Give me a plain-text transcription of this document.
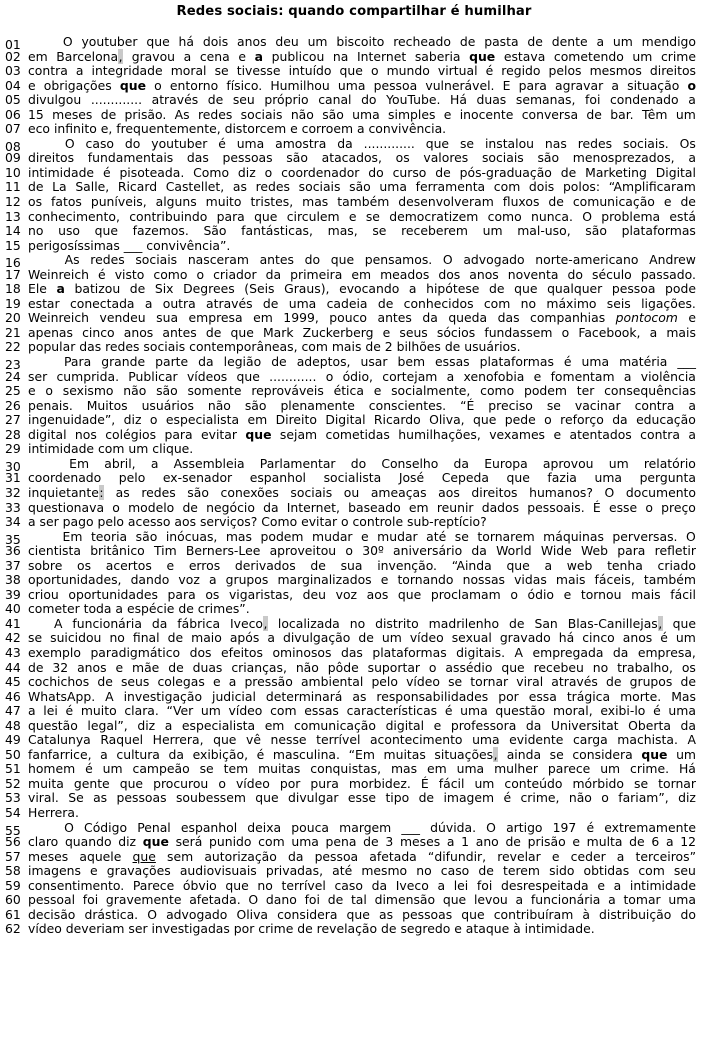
Redes sociais: quando compartilhar é humilhar
01	O youtuber que há dois anos deu um biscoito recheado de pasta de dente a um mendigo
02 em Barcelona, gravou a cena e a publicou na Internet saberia que estava cometendo um crime
03 contra a integridade moral se tivesse intuído que o mundo virtual é regido pelos mesmos direitos
04 e obrigações que o entorno físico. Humilhou uma pessoa vulnerável. E para agravar a situação o
05 divulgou ............. através de seu próprio canal do YouTube. Há duas semanas, foi condenado a
06 15 meses de prisão. As redes sociais não são uma simples e inocente conversa de bar. Têm um
07 eco infinito e, frequentemente, distorcem e corroem a convivência.
08	O caso do youtuber é uma amostra da ............. que se instalou nas redes sociais. Os
09 direitos fundamentais das pessoas são atacados, os valores sociais são menosprezados, a
10 intimidade é pisoteada. Como diz o coordenador do curso de pós-graduação de Marketing Digital
11 de La Salle, Ricard Castellet, as redes sociais são uma ferramenta com dois polos: “Amplificaram
12 os fatos puníveis, alguns muito tristes, mas também desenvolveram fluxos de comunicação e de
13 conhecimento, contribuindo para que circulem e se democratizem como nunca. O problema está
14 no uso que fazemos. São fantásticas, mas, se receberem um mal-uso, são plataformas
15 perigosíssimas ___ convivência”.
16	As redes sociais nasceram antes do que pensamos. O advogado norte-americano Andrew
17 Weinreich é visto como o criador da primeira em meados dos anos noventa do século passado.
18 Ele a batizou de Six Degrees (Seis Graus), evocando a hipótese de que qualquer pessoa pode
19 estar conectada a outra através de uma cadeia de conhecidos com no máximo seis ligações.
20 Weinreich vendeu sua empresa em 1999, pouco antes da queda das companhias pontocom e
21 apenas cinco anos antes de que Mark Zuckerberg e seus sócios fundassem o Facebook, a mais
22 popular das redes sociais contemporâneas, com mais de 2 bilhões de usuários.
23	Para grande parte da legião de adeptos, usar bem essas plataformas é uma matéria ___
24 ser cumprida. Publicar vídeos que ............ o ódio, cortejam a xenofobia e fomentam a violência
25 e o sexismo não são somente reprováveis ética e socialmente, como podem ter consequências
26 penais. Muitos usuários não são plenamente conscientes. “É preciso se vacinar contra a
27 ingenuidade”, diz o especialista em Direito Digital Ricardo Oliva, que pede o reforço da educação
28 digital nos colégios para evitar que sejam cometidas humilhações, vexames e atentados contra a
29 intimidade com um clique.
30	Em abril, a Assembleia Parlamentar do Conselho da Europa aprovou um relatório
31 coordenado pelo ex-senador espanhol socialista José Cepeda que fazia uma pergunta
32 inquietante: as redes são conexões sociais ou ameaças aos direitos humanos? O documento
33 questionava o modelo de negócio da Internet, baseado em reunir dados pessoais. É esse o preço
34 a ser pago pelo acesso aos serviços? Como evitar o controle sub-reptício?
35	Em teoria são inócuas, mas podem mudar e mudar até se tornarem máquinas perversas. O
36 cientista britânico Tim Berners-Lee aproveitou o 30º aniversário da World Wide Web para refletir
37 sobre os acertos e erros derivados de sua invenção. “Ainda que a web tenha criado
38 oportunidades, dando voz a grupos marginalizados e tornando nossas vidas mais fáceis, também
39 criou oportunidades para os vigaristas, deu voz aos que proclamam o ódio e tornou mais fácil
40 cometer toda a espécie de crimes”.
41	A funcionária da fábrica Iveco, localizada no distrito madrilenho de San Blas-Canillejas, que
42 se suicidou no final de maio após a divulgação de um vídeo sexual gravado há cinco anos é um
43 exemplo paradigmático dos efeitos ominosos das plataformas digitais. A empregada da empresa,
44 de 32 anos e mãe de duas crianças, não pôde suportar o assédio que recebeu no trabalho, os
45 cochichos de seus colegas e a pressão ambiental pelo vídeo se tornar viral através de grupos de
46 WhatsApp. A investigação judicial determinará as responsabilidades por essa trágica morte. Mas
47 a lei é muito clara. “Ver um vídeo com essas características é uma questão moral, exibi-lo é uma
48 questão legal”, diz a especialista em comunicação digital e professora da Universitat Oberta da
49 Catalunya Raquel Herrera, que vê nesse terrível acontecimento uma evidente carga machista. A
50 fanfarrice, a cultura da exibição, é masculina. “Em muitas situações, ainda se considera que um
51 homem é um campeão se tem muitas conquistas, mas em uma mulher parece um crime. Há
52 muita gente que procurou o vídeo por pura morbidez. É fácil um conteúdo mórbido se tornar
53 viral. Se as pessoas soubessem que divulgar esse tipo de imagem é crime, não o fariam”, diz
54 Herrera.
55	O Código Penal espanhol deixa pouca margem ___ dúvida. O artigo 197 é extremamente
56 claro quando diz que será punido com uma pena de 3 meses a 1 ano de prisão e multa de 6 a 12
57 meses aquele que sem autorização da pessoa afetada “difundir, revelar e ceder a terceiros”
58 imagens e gravações audiovisuais privadas, até mesmo no caso de terem sido obtidas com seu
59 consentimento. Parece óbvio que no terrível caso da Iveco a lei foi desrespeitada e a intimidade
60 pessoal foi gravemente afetada. O dano foi de tal dimensão que levou a funcionária a tomar uma
61 decisão drástica. O advogado Oliva considera que as pessoas que contribuíram à distribuição do
62 vídeo deveriam ser investigadas por crime de revelação de segredo e ataque à intimidade.
